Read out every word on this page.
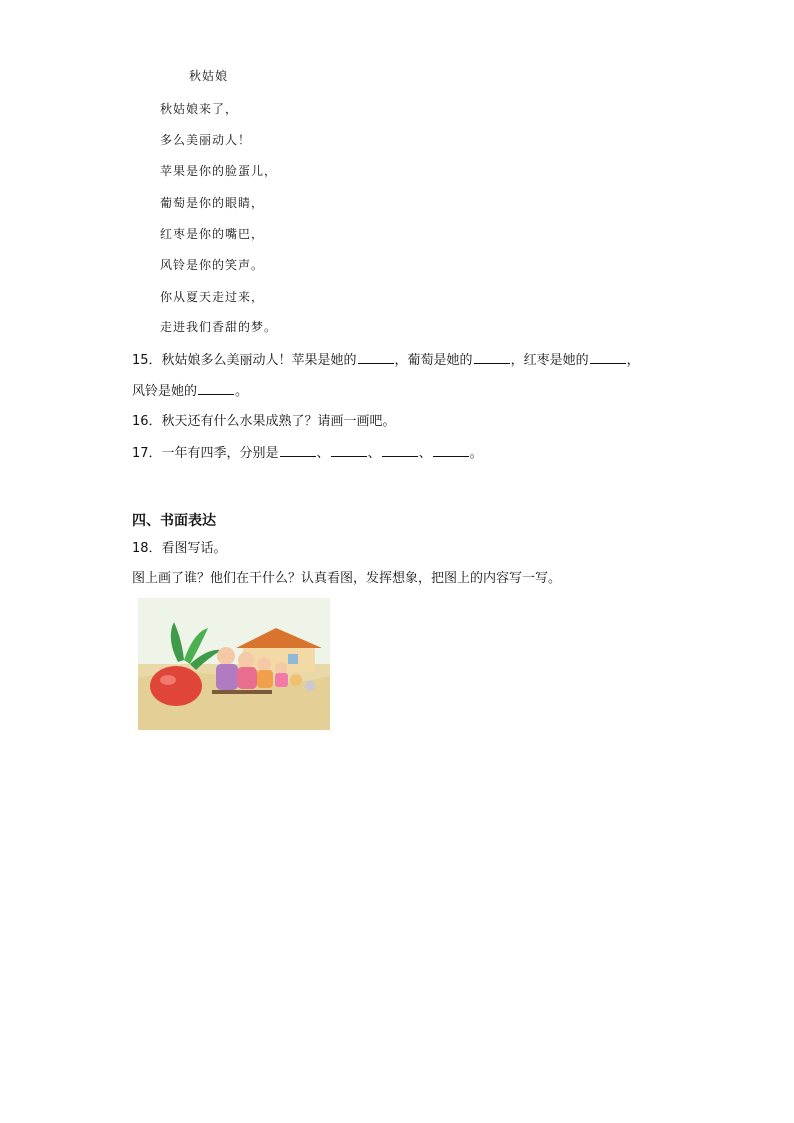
秋姑娘
秋姑娘来了，
多么美丽动人！
苹果是你的脸蛋儿，
葡萄是你的眼睛，
红枣是你的嘴巴，
风铃是你的笑声。
你从夏天走过来，
走进我们香甜的梦。
15．秋姑娘多么美丽动人！苹果是她的	，葡萄是她的	，红枣是她的	，
风铃是她的	。
16．秋天还有什么水果成熟了？请画一画吧。
17．一年有四季，分别是	、	、	、	。
四、书面表达
18．看图写话。
图上画了谁？他们在干什么？认真看图，发挥想象，把图上的内容写一写。
